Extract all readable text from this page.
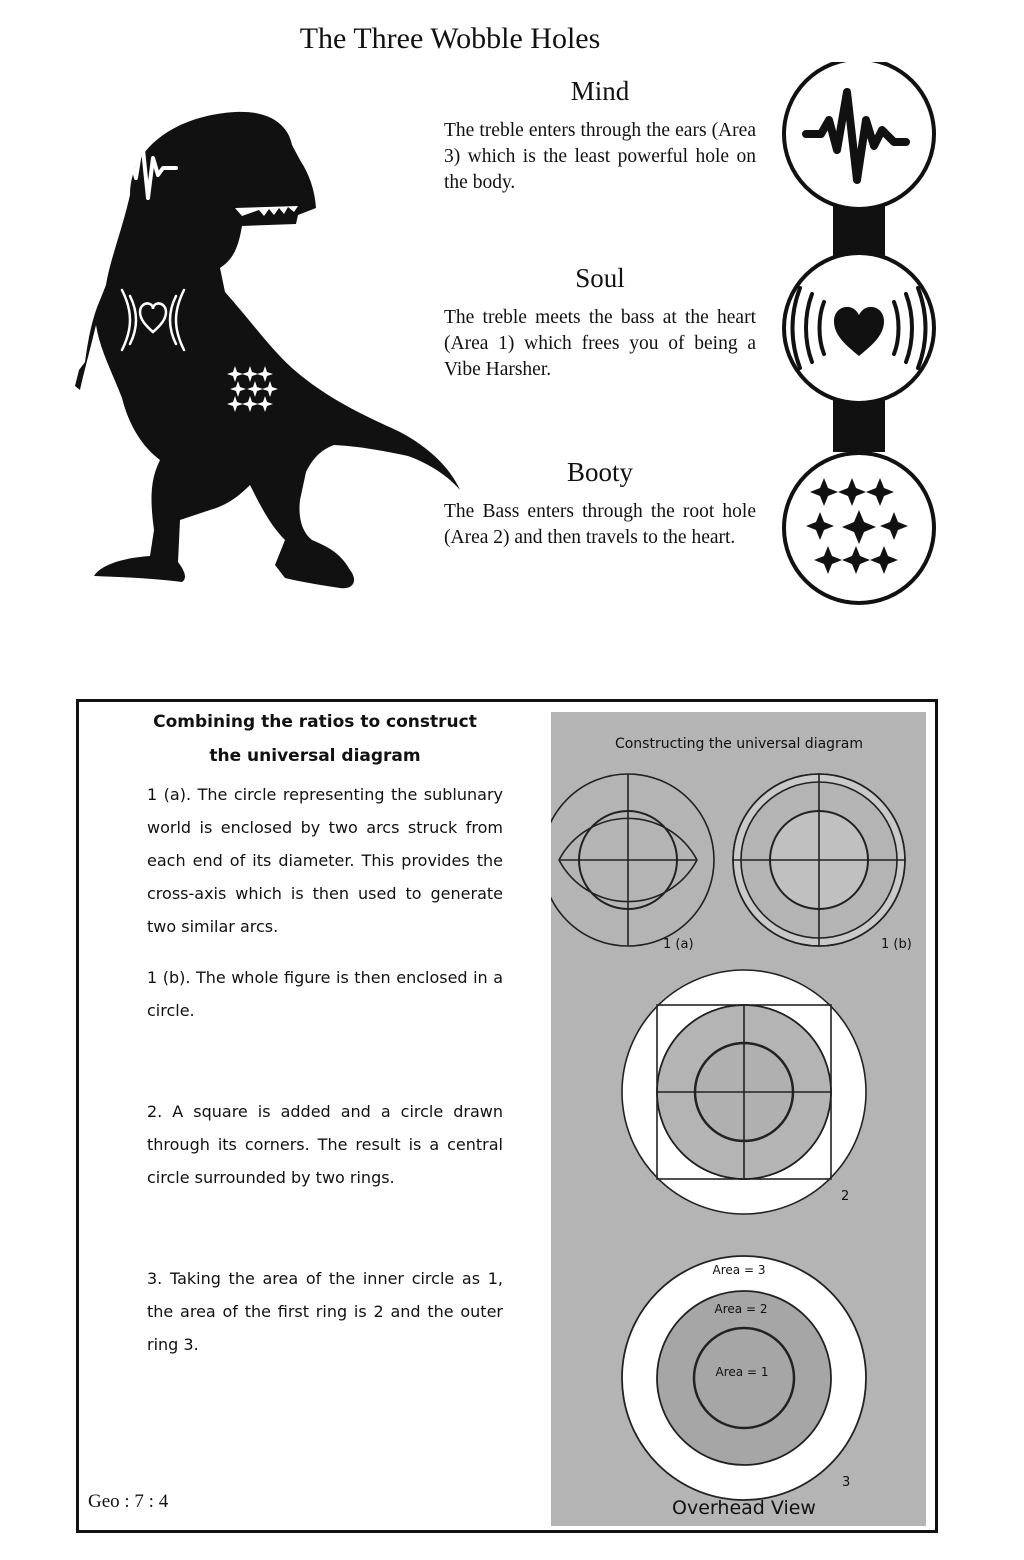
The Three Wobble Holes
Mind
The treble enters through the ears (Area 3) which is the least powerful hole on the body.
Soul
The treble meets the bass at the heart (Area 1) which frees you of being a Vibe Harsher.
Booty
The Bass enters through the root hole (Area 2) and then travels to the heart.
Combining the ratios to construct
the universal diagram
1 (a). The circle representing the sublunary world is enclosed by two arcs struck from each end of its diameter. This provides the cross-axis which is then used to generate two similar arcs.
1 (b). The whole figure is then enclosed in a circle.
2. A square is added and a circle drawn through its corners. The result is a central circle surrounded by two rings.
3. Taking the area of the inner circle as 1, the area of the first ring is 2 and the outer ring 3.
Geo : 7 : 4
Constructing the universal diagram
1 (a)	1 (b)
2
Area = 3
Area = 2
Area = 1
3
Overhead View
